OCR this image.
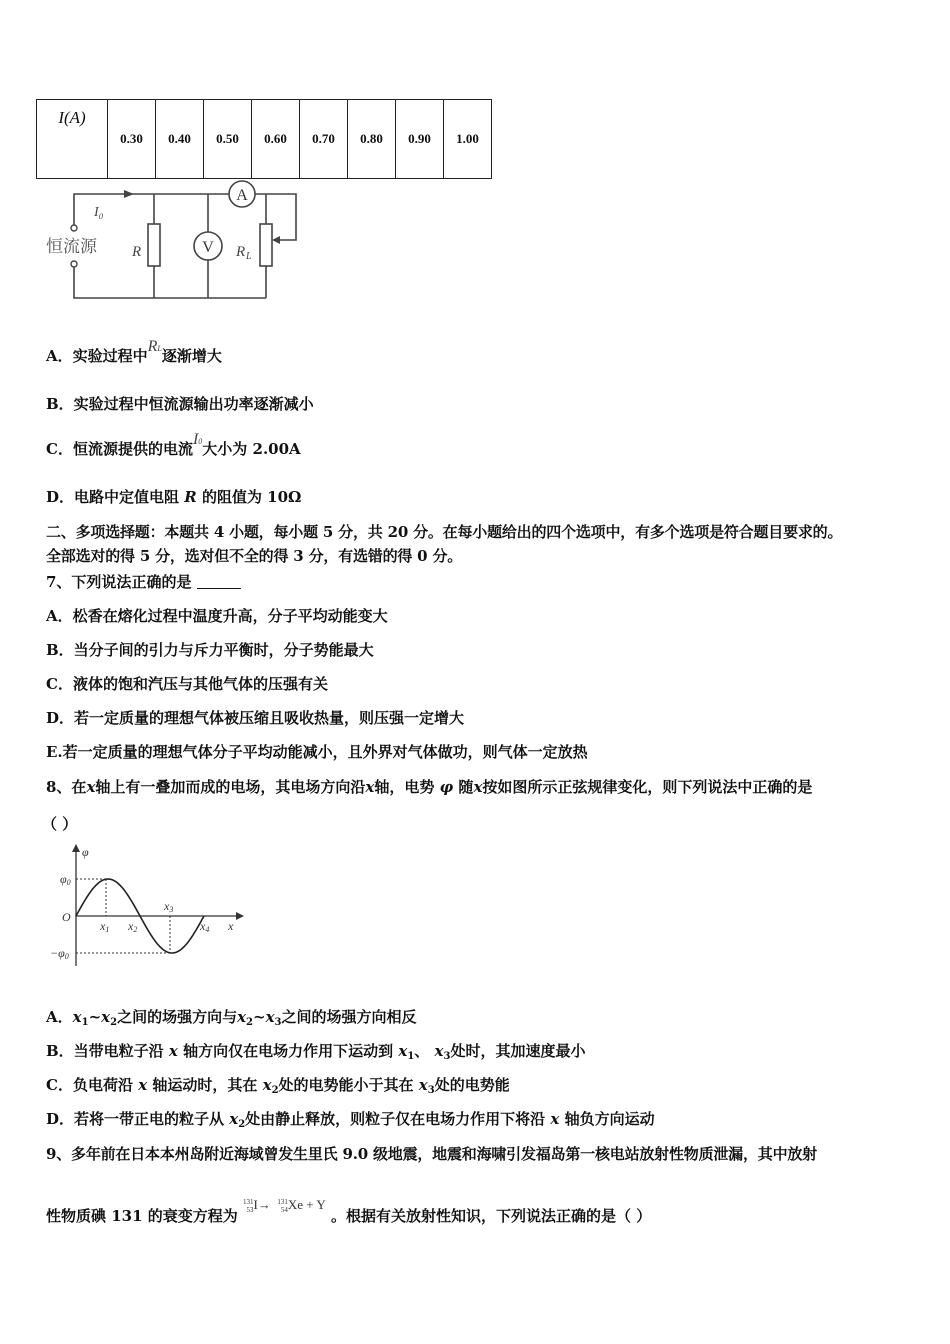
I(A)	0.30	0.40	0.50	0.60	0.70	0.80	0.90	1.00
V
A
I₀
恒流源 R	R L
A．实验过程中RL逐渐增大
B．实验过程中恒流源输出功率逐渐减小
C．恒流源提供的电流I0大小为 2.00A
D．电路中定值电阻 R 的阻值为 10Ω
二、多项选择题：本题共 4 小题，每小题 5 分，共 20 分。在每小题给出的四个选项中，有多个选项是符合题目要求的。
全部选对的得 5 分，选对但不全的得 3 分，有选错的得 0 分。
7、下列说法正确的是
A．松香在熔化过程中温度升高，分子平均动能变大
B．当分子间的引力与斥力平衡时，分子势能最大
C．液体的饱和汽压与其他气体的压强有关
D．若一定质量的理想气体被压缩且吸收热量，则压强一定增大
E.若一定质量的理想气体分子平均动能减小，且外界对气体做功，则气体一定放热
8、在x轴上有一叠加而成的电场，其电场方向沿x轴，电势 φ 随x按如图所示正弦规律变化，则下列说法中正确的是
（ ）
φ
x
O
φ0
−φ0
x1 x2
x3
x4
A．$x_1\sim x_2$之间的场强方向与$x_2\sim x_3$之间的场强方向相反
B．当带电粒子沿 x 轴方向仅在电场力作用下运动到 $x_1$、 $x_3$处时，其加速度最小
C．负电荷沿 x 轴运动时，其在 $x_2$处的电势能小于其在 $x_3$处的电势能
D．若将一带正电的粒子从 $x_2$处由静止释放，则粒子仅在电场力作用下将沿 x 轴负方向运动
9、多年前在日本本州岛附近海域曾发生里氏 9.0 级地震，地震和海啸引发福岛第一核电站放射性物质泄漏，其中放射
性物质碘 131 的衰变方程为 131
53I→ 131
54Xe + Y 。根据有关放射性知识，下列说法正确的是（ ）
